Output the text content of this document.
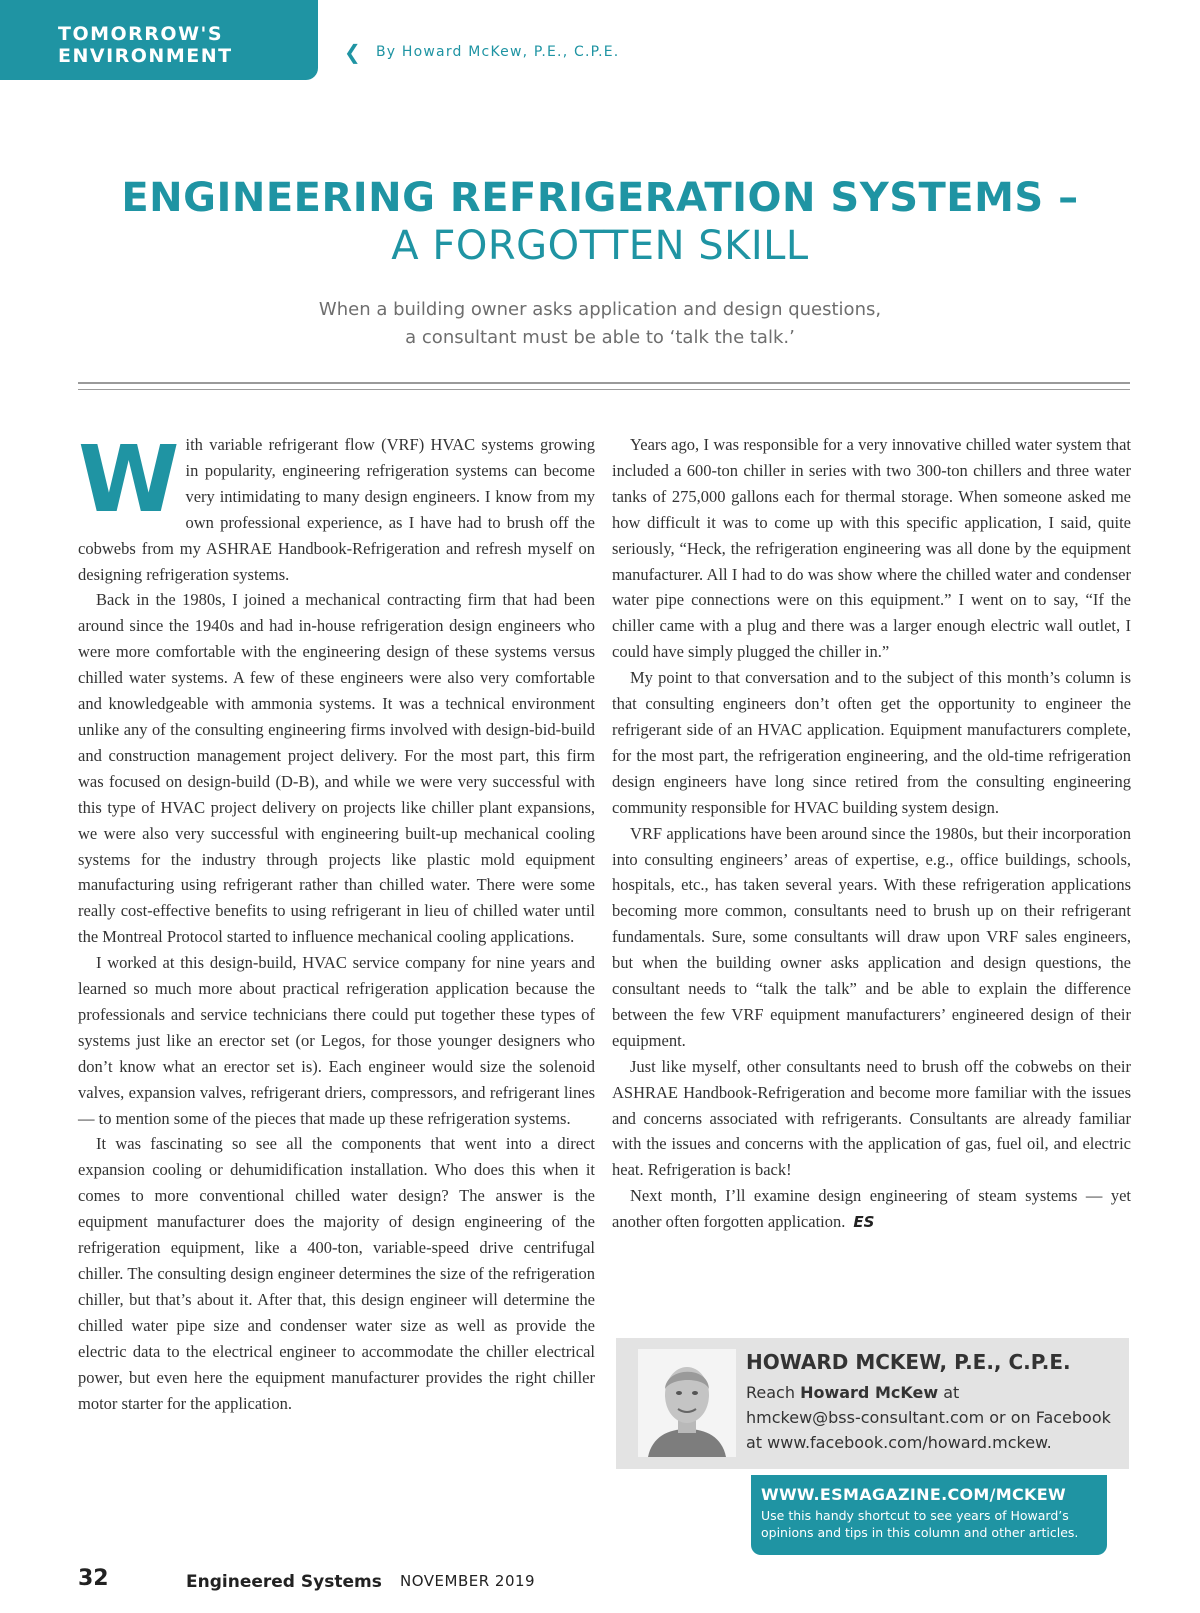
TOMORROW'S
ENVIRONMENT	❮ By Howard McKew, P.E., C.P.E.
ENGINEERING REFRIGERATION SYSTEMS –
A FORGOTTEN SKILL
When a building owner asks application and design questions,
a consultant must be able to ‘talk the talk.’

With variable refrigerant flow (VRF) HVAC systems growing in popularity, engineering refrigeration systems can become very intimidating to many design engineers. I know from my own professional experience, as I have had to brush off the cobwebs from my ASHRAE Handbook-Refrigeration and refresh myself on designing refrigeration systems.

Back in the 1980s, I joined a mechanical contracting firm that had been around since the 1940s and had in-house refrigeration design engineers who were more comfortable with the engineering design of these systems versus chilled water systems. A few of these engineers were also very comfortable and knowledgeable with ammonia systems. It was a technical environment unlike any of the consulting engineering firms involved with design-bid-build and construction management project delivery. For the most part, this firm was focused on design-build (D-B), and while we were very successful with this type of HVAC project delivery on projects like chiller plant expansions, we were also very successful with engineering built-up mechanical cooling systems for the industry through projects like plastic mold equipment manufacturing using refrigerant rather than chilled water. There were some really cost-effective benefits to using refrigerant in lieu of chilled water until the Montreal Protocol started to influence mechanical cooling applications.

I worked at this design-build, HVAC service company for nine years and learned so much more about practical refrigeration application because the professionals and service technicians there could put together these types of systems just like an erector set (or Legos, for those younger designers who don’t know what an erector set is). Each engineer would size the solenoid valves, expansion valves, refrigerant driers, compressors, and refrigerant lines — to mention some of the pieces that made up these refrigeration systems.

It was fascinating so see all the components that went into a direct expansion cooling or dehumidification installation. Who does this when it comes to more conventional chilled water design? The answer is the equipment manufacturer does the majority of design engineering of the refrigeration equipment, like a 400-ton, variable-speed drive centrifugal chiller. The consulting design engineer determines the size of the refrigeration chiller, but that’s about it. After that, this design engineer will determine the chilled water pipe size and condenser water size as well as provide the electric data to the electrical engineer to accommodate the chiller electrical power, but even here the equipment manufacturer provides the right chiller motor starter for the application.

Years ago, I was responsible for a very innovative chilled water system that included a 600-ton chiller in series with two 300-ton chillers and three water tanks of 275,000 gallons each for thermal storage. When someone asked me how difficult it was to come up with this specific application, I said, quite seriously, “Heck, the refrigeration engineering was all done by the equipment manufacturer. All I had to do was show where the chilled water and condenser water pipe connections were on this equipment.” I went on to say, “If the chiller came with a plug and there was a larger enough electric wall outlet, I could have simply plugged the chiller in.”

My point to that conversation and to the subject of this month’s column is that consulting engineers don’t often get the opportunity to engineer the refrigerant side of an HVAC application. Equipment manufacturers complete, for the most part, the refrigeration engineering, and the old-time refrigeration design engineers have long since retired from the consulting engineering community responsible for HVAC building system design.

VRF applications have been around since the 1980s, but their incorporation into consulting engineers’ areas of expertise, e.g., office buildings, schools, hospitals, etc., has taken several years. With these refrigeration applications becoming more common, consultants need to brush up on their refrigerant fundamentals. Sure, some consultants will draw upon VRF sales engineers, but when the building owner asks application and design questions, the consultant needs to “talk the talk” and be able to explain the difference between the few VRF equipment manufacturers’ engineered design of their equipment.

Just like myself, other consultants need to brush off the cobwebs on their ASHRAE Handbook-Refrigeration and become more familiar with the issues and concerns associated with refrigerants. Consultants are already familiar with the issues and concerns with the application of gas, fuel oil, and electric heat. Refrigeration is back!

Next month, I’ll examine design engineering of steam systems — yet another often forgotten application. ES

HOWARD MCKEW, P.E., C.P.E.
Reach Howard McKew at
hmckew@bss-consultant.com or on Facebook at www.facebook.com/howard.mckew.
WWW.ESMAGAZINE.COM/MCKEW
Use this handy shortcut to see years of Howard’s opinions and tips in this column and other articles.
32	Engineered Systems NOVEMBER 2019
